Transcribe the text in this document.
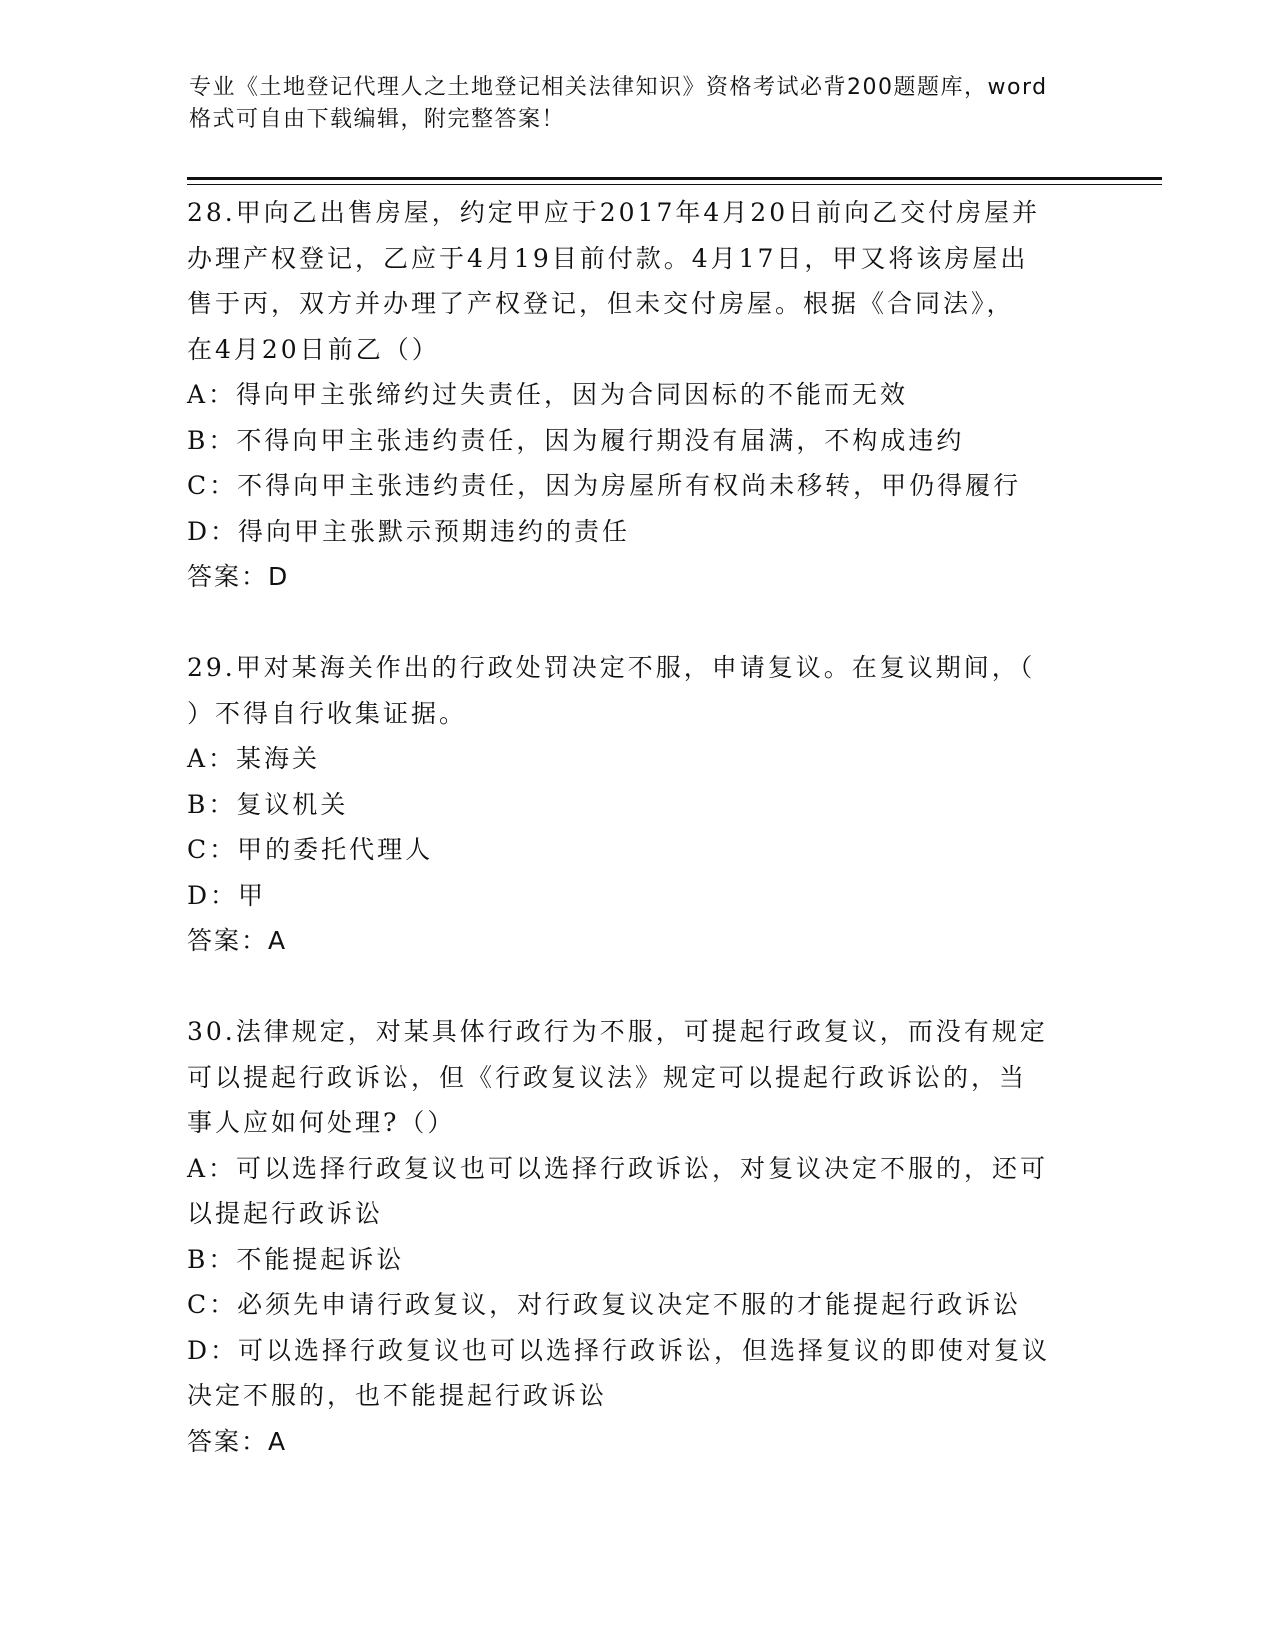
专业《土地登记代理人之土地登记相关法律知识》资格考试必背200题题库，word
格式可自由下载编辑，附完整答案！
28.甲向乙出售房屋，约定甲应于2017年4月20日前向乙交付房屋并
办理产权登记，乙应于4月19目前付款。4月17日，甲又将该房屋出
售于丙，双方并办理了产权登记，但未交付房屋。根据《合同法》，
在4月20日前乙（）
A：得向甲主张缔约过失责任，因为合同因标的不能而无效
B：不得向甲主张违约责任，因为履行期没有届满，不构成违约
C：不得向甲主张违约责任，因为房屋所有权尚未移转，甲仍得履行
D：得向甲主张默示预期违约的责任
答案：D
29.甲对某海关作出的行政处罚决定不服，申请复议。在复议期间，（
）不得自行收集证据。
A：某海关
B：复议机关
C：甲的委托代理人
D：甲
答案：A
30.法律规定，对某具体行政行为不服，可提起行政复议，而没有规定
可以提起行政诉讼，但《行政复议法》规定可以提起行政诉讼的，当
事人应如何处理?（）
A：可以选择行政复议也可以选择行政诉讼，对复议决定不服的，还可
以提起行政诉讼
B：不能提起诉讼
C：必须先申请行政复议，对行政复议决定不服的才能提起行政诉讼
D：可以选择行政复议也可以选择行政诉讼，但选择复议的即使对复议
决定不服的，也不能提起行政诉讼
答案：A
